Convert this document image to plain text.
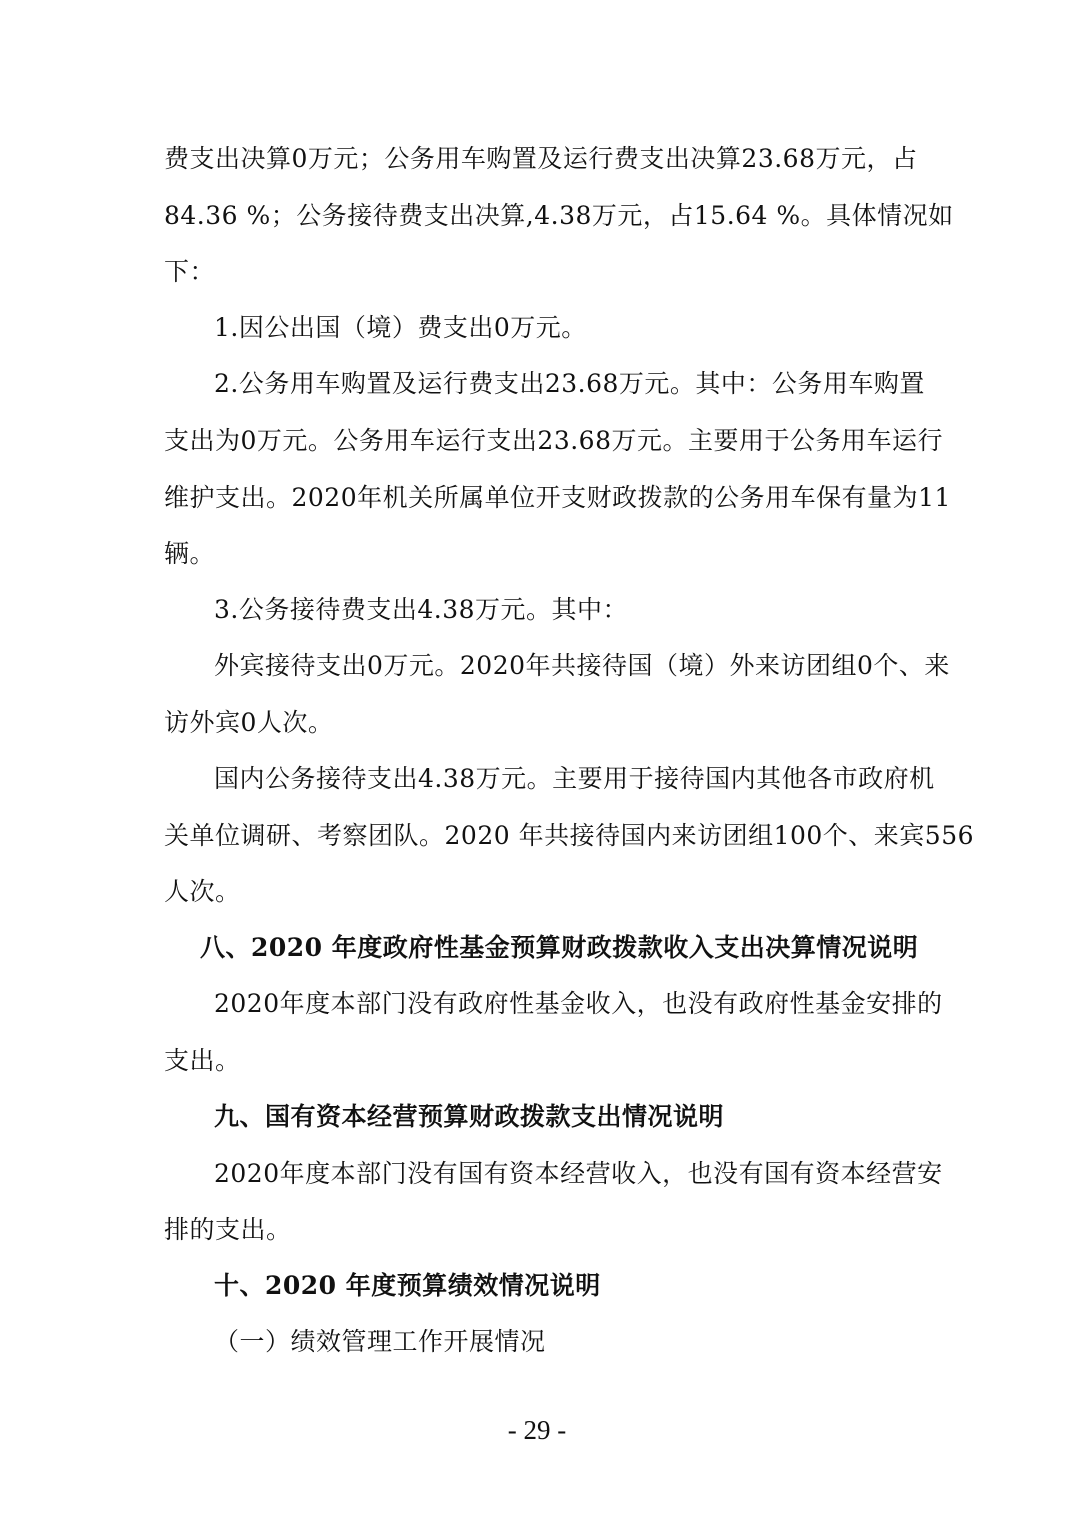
费支出决算0万元；公务用车购置及运行费支出决算23.68万元，占
84.36 %；公务接待费支出决算,4.38万元，占15.64 %。具体情况如
下：
1.因公出国（境）费支出0万元。
2.公务用车购置及运行费支出23.68万元。其中：公务用车购置
支出为0万元。公务用车运行支出23.68万元。主要用于公务用车运行
维护支出。2020年机关所属单位开支财政拨款的公务用车保有量为11
辆。
3.公务接待费支出4.38万元。其中：
外宾接待支出0万元。2020年共接待国（境）外来访团组0个、来
访外宾0人次。
国内公务接待支出4.38万元。主要用于接待国内其他各市政府机
关单位调研、考察团队。2020 年共接待国内来访团组100个、来宾556
人次。
八、2020 年度政府性基金预算财政拨款收入支出决算情况说明
2020年度本部门没有政府性基金收入，也没有政府性基金安排的
支出。
九、国有资本经营预算财政拨款支出情况说明
2020年度本部门没有国有资本经营收入，也没有国有资本经营安
排的支出。
十、2020 年度预算绩效情况说明
（一）绩效管理工作开展情况
- 29 -
